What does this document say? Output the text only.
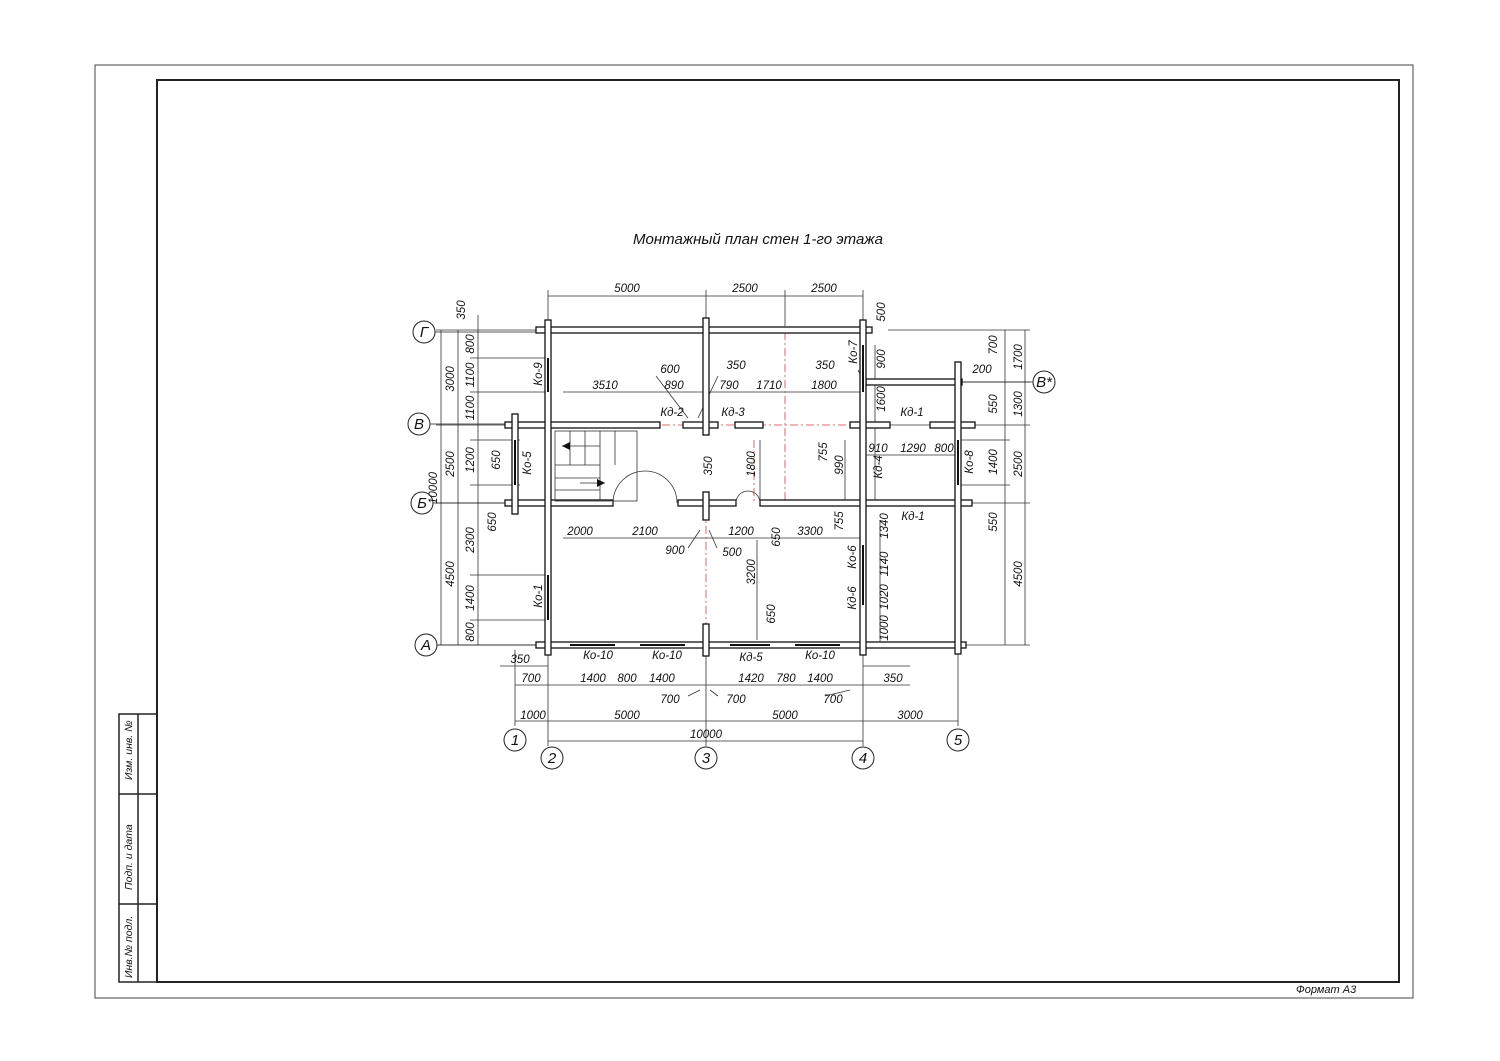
Изм. инв. №
Подп. и дата
Инв.№ подл.
Формат А3
Монтажный план стен 1-го этажа
Г
В
Б
А
В*
1
2	3	4
5
5000	2500	2500
350
350
700	1400 800 1400
700	700
1420 780 1400
700
1000	5000	5000	3000
10000
3000
2500
4500
10000
350
800
1100
1100
1200 650
650
2300
1400
800
500
700 1700
1300
2500
4500
900
1600	550
1400
550
600	350	350
3510	890	790 1710	1800
200
755
990
910 1290 800
350	1800
755	1340
2000	2100
900
1200 650 3300
500
3200	1140
1020
1000
650
Ко-9
Ко-5
Ко-1
Ко-7
Ко-8
Ко-6
Кд-6
Кд-4
Кд-2	Кд-3	Кд-1
Кд-1
Ко-10	Ко-10	Кд-5	Ко-10
